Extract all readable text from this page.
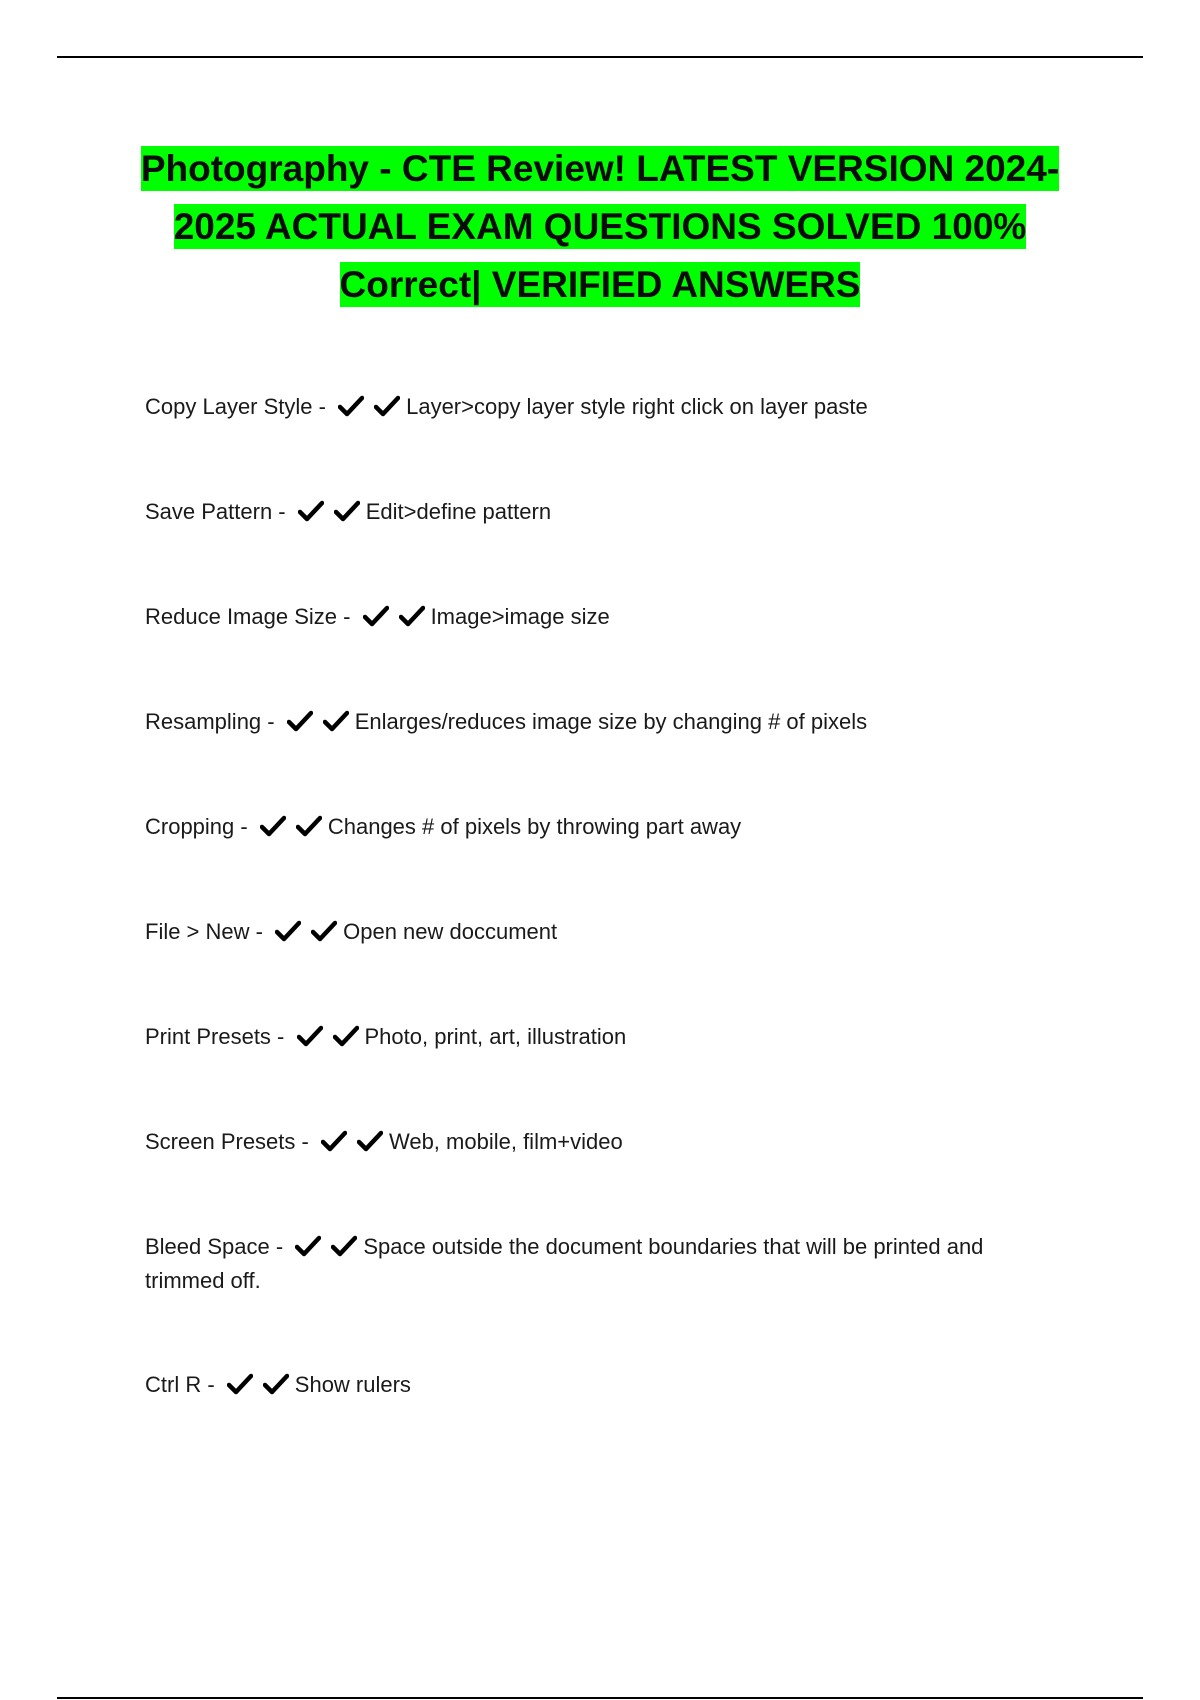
Photography - CTE Review! LATEST VERSION 2024-
2025 ACTUAL EXAM QUESTIONS SOLVED 100%
Correct| VERIFIED ANSWERS
Copy Layer Style -	Layer>copy layer style right click on layer paste
Save Pattern -	Edit>define pattern
Reduce Image Size -	Image>image size
Resampling -	Enlarges/reduces image size by changing # of pixels
Cropping -	Changes # of pixels by throwing part away
File > New -	Open new doccument
Print Presets -	Photo, print, art, illustration
Screen Presets -	Web, mobile, film+video
Bleed Space -	Space outside the document boundaries that will be printed and trimmed off.
Ctrl R -	Show rulers
